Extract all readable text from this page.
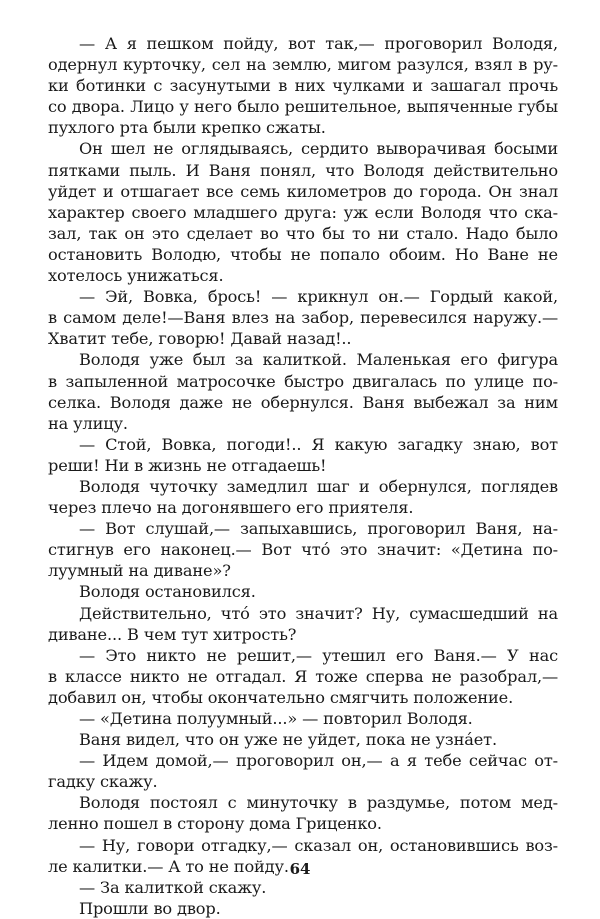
— А я пешком пойду, вот так,— проговорил Володя,
одернул курточку, сел на землю, мигом разулся, взял в ру-
ки ботинки с засунутыми в них чулками и зашагал прочь
со двора. Лицо у него было решительное, выпяченные губы
пухлого рта были крепко сжаты.
Он шел не оглядываясь, сердито выворачивая босыми
пятками пыль. И Ваня понял, что Володя действительно
уйдет и отшагает все семь километров до города. Он знал
характер своего младшего друга: уж если Володя что ска-
зал, так он это сделает во что бы то ни стало. Надо было
остановить Володю, чтобы не попало обоим. Но Ване не
хотелось унижаться.
— Эй, Вовка, брось! — крикнул он.— Гордый какой,
в самом деле!—Ваня влез на забор, перевесился наружу.—
Хватит тебе, говорю! Давай назад!..
Володя уже был за калиткой. Маленькая его фигура
в запыленной матросочке быстро двигалась по улице по-
селка. Володя даже не обернулся. Ваня выбежал за ним
на улицу.
— Стой, Вовка, погоди!.. Я какую загадку знаю, вот
реши! Ни в жизнь не отгадаешь!
Володя чуточку замедлил шаг и обернулся, поглядев
через плечо на догонявшего его приятеля.
— Вот слушай,— запыхавшись, проговорил Ваня, на-
стигнув его наконец.— Вот что́ это значит: «Детина по-
луумный на диване»?
Володя остановился.
Действительно, что́ это значит? Ну, сумасшедший на
диване... В чем тут хитрость?
— Это никто не решит,— утешил его Ваня.— У нас
в классе никто не отгадал. Я тоже сперва не разобрал,—
добавил он, чтобы окончательно смягчить положение.
— «Детина полуумный...» — повторил Володя.
Ваня видел, что он уже не уйдет, пока не узна́ет.
— Идем домой,— проговорил он,— а я тебе сейчас от-
гадку скажу.
Володя постоял с минуточку в раздумье, потом мед-
ленно пошел в сторону дома Гриценко.
— Ну, говори отгадку,— сказал он, остановившись воз-
ле калитки.— А то не пойду.
— За калиткой скажу.
Прошли во двор.
64
